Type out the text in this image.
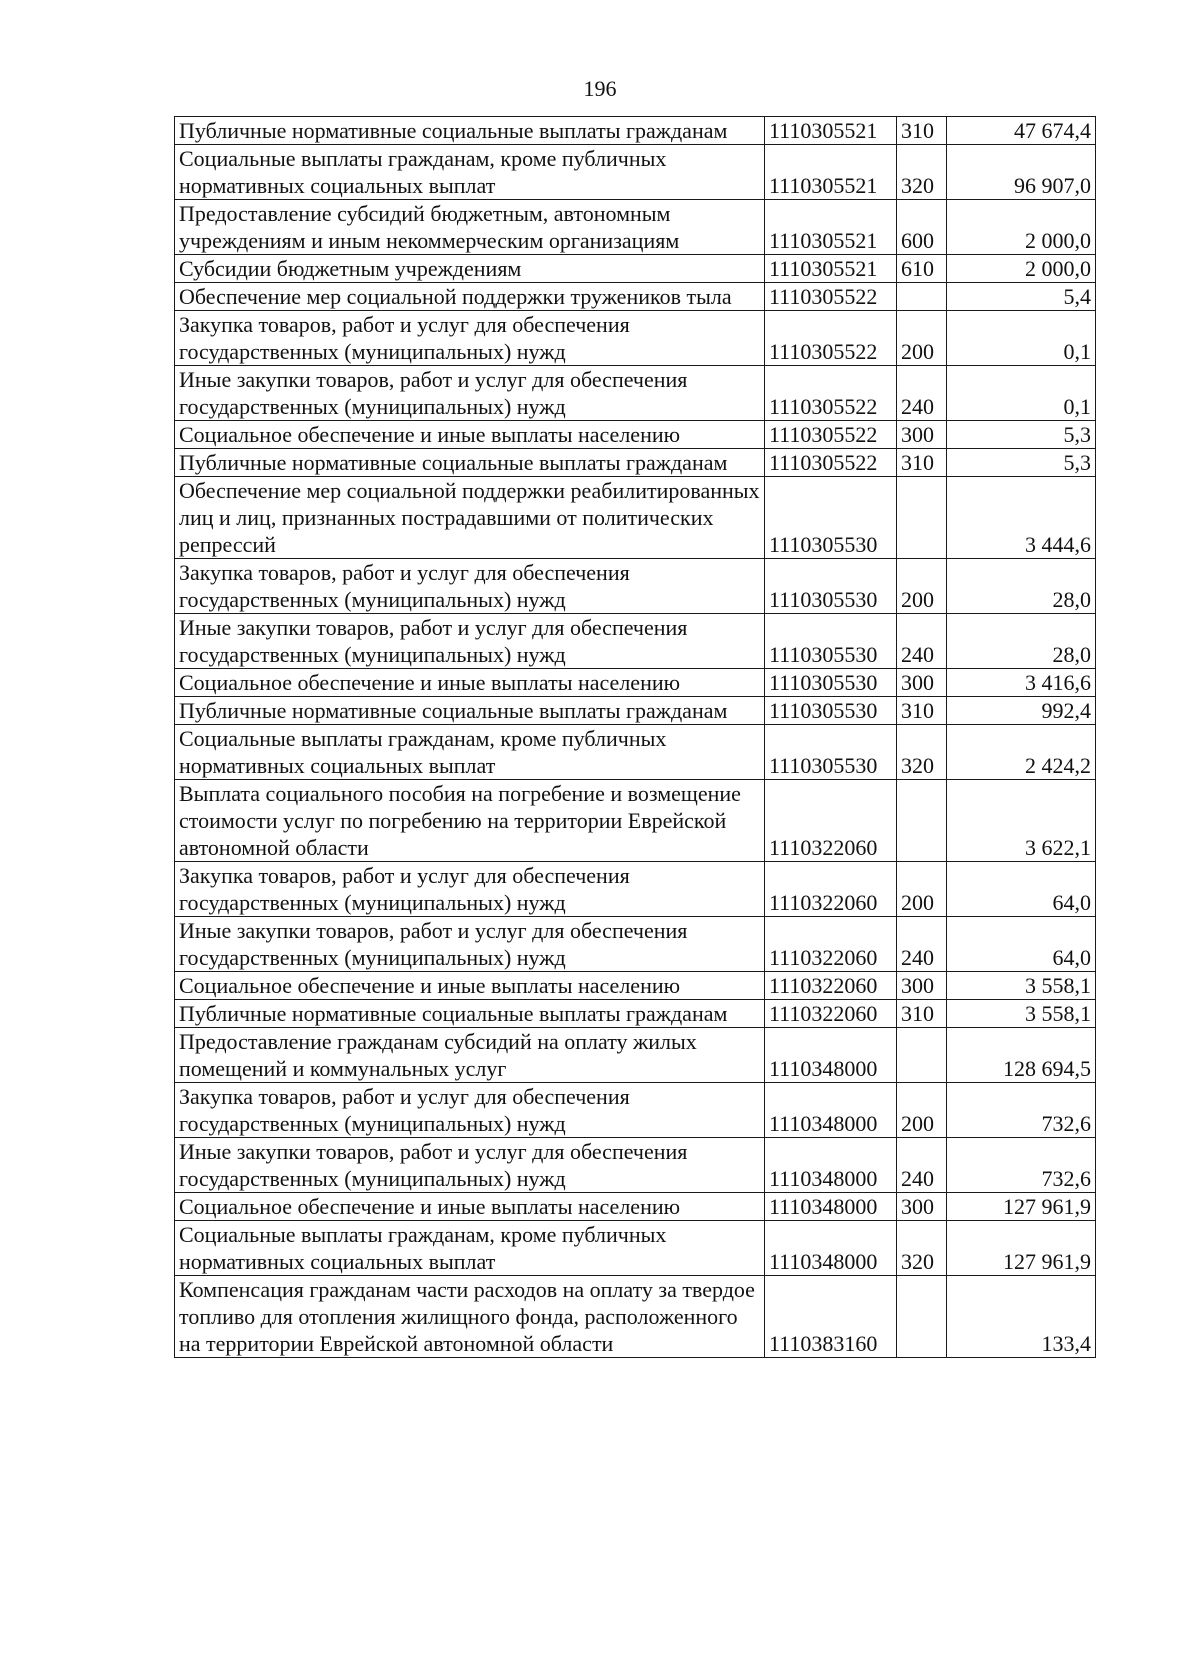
196
Публичные нормативные социальные выплаты гражданам	1110305521	310	47 674,4
Социальные выплаты гражданам, кроме публичных нормативных социальных выплат	1110305521	320	96 907,0
Предоставление субсидий бюджетным, автономным учреждениям и иным некоммерческим организациям	1110305521	600	2 000,0
Субсидии бюджетным учреждениям	1110305521	610	2 000,0
Обеспечение мер социальной поддержки тружеников тыла	1110305522		5,4
Закупка товаров, работ и услуг для обеспечения государственных (муниципальных) нужд	1110305522	200	0,1
Иные закупки товаров, работ и услуг для обеспечения государственных (муниципальных) нужд	1110305522	240	0,1
Социальное обеспечение и иные выплаты населению	1110305522	300	5,3
Публичные нормативные социальные выплаты гражданам	1110305522	310	5,3
Обеспечение мер социальной поддержки реабилитированных лиц и лиц, признанных пострадавшими от политических репрессий	1110305530		3 444,6
Закупка товаров, работ и услуг для обеспечения государственных (муниципальных) нужд	1110305530	200	28,0
Иные закупки товаров, работ и услуг для обеспечения государственных (муниципальных) нужд	1110305530	240	28,0
Социальное обеспечение и иные выплаты населению	1110305530	300	3 416,6
Публичные нормативные социальные выплаты гражданам	1110305530	310	992,4
Социальные выплаты гражданам, кроме публичных нормативных социальных выплат	1110305530	320	2 424,2
Выплата социального пособия на погребение и возмещение стоимости услуг по погребению на территории Еврейской автономной области	1110322060		3 622,1
Закупка товаров, работ и услуг для обеспечения государственных (муниципальных) нужд	1110322060	200	64,0
Иные закупки товаров, работ и услуг для обеспечения государственных (муниципальных) нужд	1110322060	240	64,0
Социальное обеспечение и иные выплаты населению	1110322060	300	3 558,1
Публичные нормативные социальные выплаты гражданам	1110322060	310	3 558,1
Предоставление гражданам субсидий на оплату жилых помещений и коммунальных услуг	1110348000		128 694,5
Закупка товаров, работ и услуг для обеспечения государственных (муниципальных) нужд	1110348000	200	732,6
Иные закупки товаров, работ и услуг для обеспечения государственных (муниципальных) нужд	1110348000	240	732,6
Социальное обеспечение и иные выплаты населению	1110348000	300	127 961,9
Социальные выплаты гражданам, кроме публичных нормативных социальных выплат	1110348000	320	127 961,9
Компенсация гражданам части расходов на оплату за твердое топливо для отопления жилищного фонда, расположенного на территории Еврейской автономной области	1110383160		133,4
